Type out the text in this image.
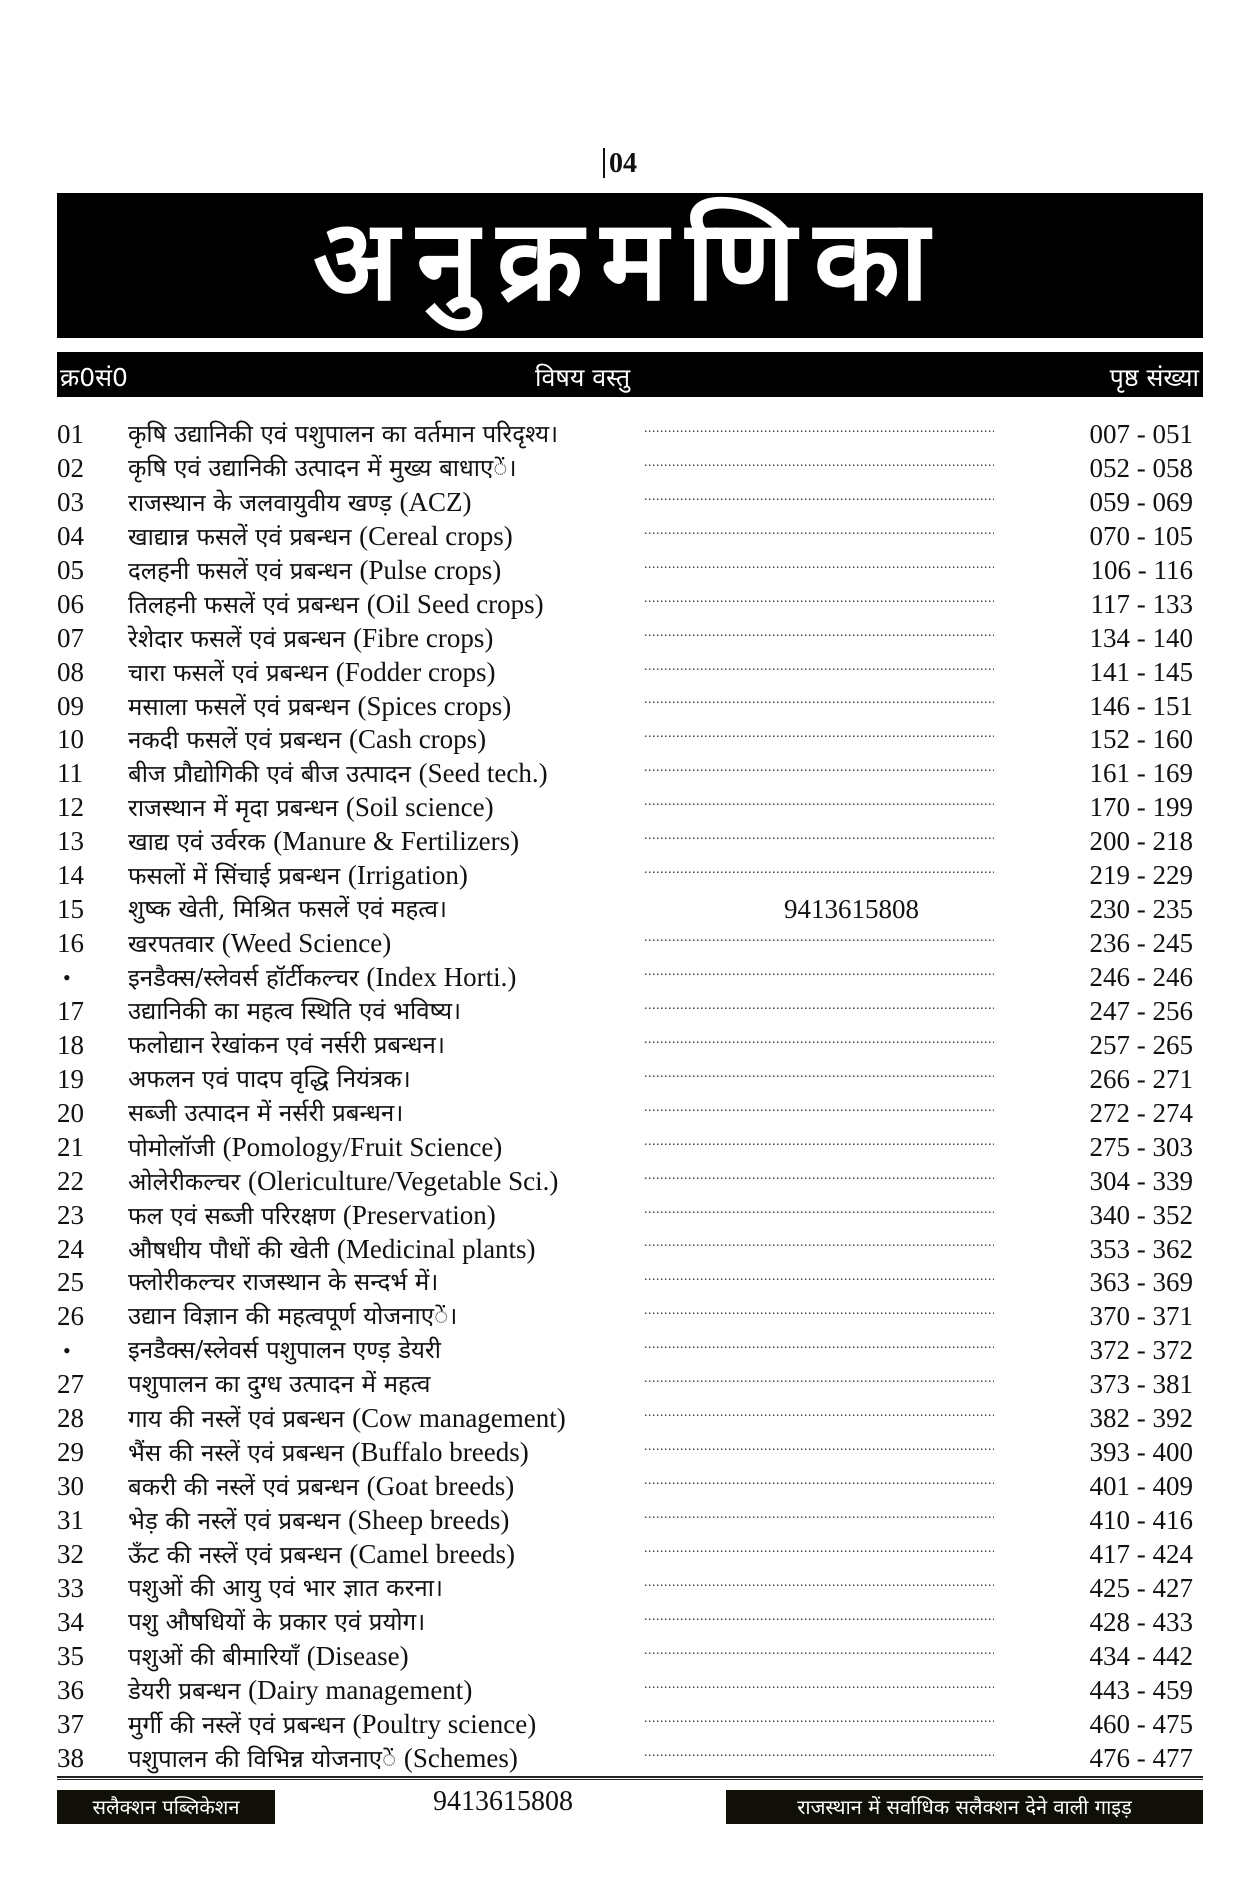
04
अनुक्रमणिका
क्र0सं0	विषय वस्तु	पृष्ठ संख्या
01	कृषि उद्यानिकी एवं पशुपालन का वर्तमान परिदृश्य। .....	007 - 051
02	कृषि एवं उद्यानिकी उत्पादन में मुख्य बाधाएें। .....	052 - 058
03	राजस्थान के जलवायुवीय खण्ड़ (ACZ) .....	059 - 069
04	खाद्यान्न फसलें एवं प्रबन्धन (Cereal crops) .....	070 - 105
05	दलहनी फसलें एवं प्रबन्धन (Pulse crops) .....	106 - 116
06	तिलहनी फसलें एवं प्रबन्धन (Oil Seed crops) .....	117 - 133
07	रेशेदार फसलें एवं प्रबन्धन (Fibre crops) .....	134 - 140
08	चारा फसलें एवं प्रबन्धन (Fodder crops) .....	141 - 145
09	मसाला फसलें एवं प्रबन्धन (Spices crops) .....	146 - 151
10	नकदी फसलें एवं प्रबन्धन (Cash crops) .....	152 - 160
11	बीज प्रौद्योगिकी एवं बीज उत्पादन (Seed tech.) .....	161 - 169
12	राजस्थान में मृदा प्रबन्धन (Soil science) .....	170 - 199
13	खाद्य एवं उर्वरक (Manure & Fertilizers) .....	200 - 218
14	फसलों में सिंचाई प्रबन्धन (Irrigation) .....	219 - 229
15	शुष्क खेती, मिश्रित फसलें एवं महत्व।	9413615808	230 - 235
16	खरपतवार (Weed Science) .....	236 - 245
•	इनडैक्स/स्लेवर्स हॉर्टीकल्चर (Index Horti.) .....	246 - 246
17	उद्यानिकी का महत्व स्थिति एवं भविष्य। .....	247 - 256
18	फलोद्यान रेखांकन एवं नर्सरी प्रबन्धन। .....	257 - 265
19	अफलन एवं पादप वृद्धि नियंत्रक। .....	266 - 271
20	सब्जी उत्पादन में नर्सरी प्रबन्धन। .....	272 - 274
21	पोमोलॉजी (Pomology/Fruit Science) .....	275 - 303
22	ओलेरीकल्चर (Olericulture/Vegetable Sci.) .....	304 - 339
23	फल एवं सब्जी परिरक्षण (Preservation) .....	340 - 352
24	औषधीय पौधों की खेती (Medicinal plants) .....	353 - 362
25	फ्लोरीकल्चर राजस्थान के सन्दर्भ में। .....	363 - 369
26	उद्यान विज्ञान की महत्वपूर्ण योजनाएें। .....	370 - 371
•	इनडैक्स/स्लेवर्स पशुपालन एण्ड़ डेयरी .....	372 - 372
27	पशुपालन का दुग्ध उत्पादन में महत्व .....	373 - 381
28	गाय की नस्लें एवं प्रबन्धन (Cow management) .....	382 - 392
29	भैंस की नस्लें एवं प्रबन्धन (Buffalo breeds) .....	393 - 400
30	बकरी की नस्लें एवं प्रबन्धन (Goat breeds) .....	401 - 409
31	भेड़ की नस्लें एवं प्रबन्धन (Sheep breeds) .....	410 - 416
32	ऊँट की नस्लें एवं प्रबन्धन (Camel breeds) .....	417 - 424
33	पशुओं की आयु एवं भार ज्ञात करना। .....	425 - 427
34	पशु औषधियों के प्रकार एवं प्रयोग। .....	428 - 433
35	पशुओं की बीमारियाँ (Disease) .....	434 - 442
36	डेयरी प्रबन्धन (Dairy management) .....	443 - 459
37	मुर्गी की नस्लें एवं प्रबन्धन (Poultry science) .....	460 - 475
38	पशुपालन की विभिन्न योजनाएें (Schemes) .....	476 - 477
सलैक्शन पब्लिकेशन	9413615808	राजस्थान में सर्वाधिक सलैक्शन देने वाली गाइड़
